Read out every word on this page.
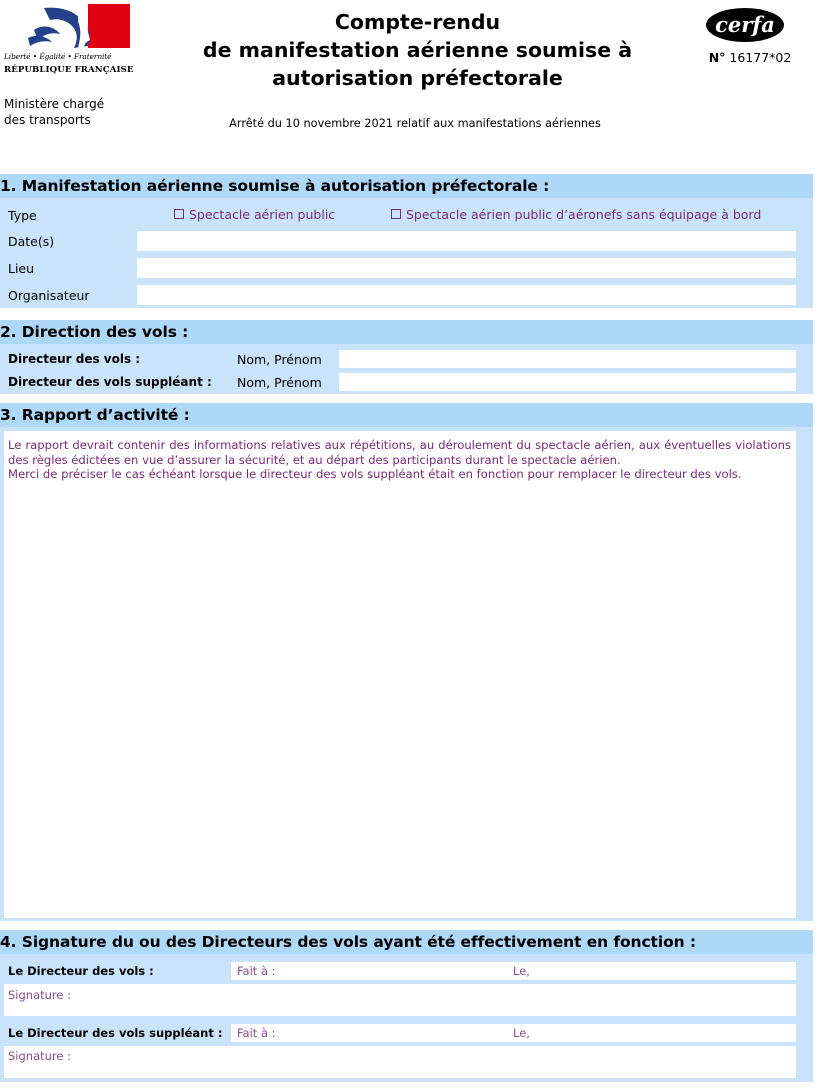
Liberté • Égalité • Fraternité
RÉPUBLIQUE FRANÇAISE
Ministère chargé
des transports
Compte-rendu
de manifestation aérienne soumise à
autorisation préfectorale
Arrêté du 10 novembre 2021 relatif aux manifestations aériennes
cerfa
N° 16177*02
1. Manifestation aérienne soumise à autorisation préfectorale :
Type	Spectacle aérien public	Spectacle aérien public d’aéronefs sans équipage à bord
Date(s)
Lieu
Organisateur
2. Direction des vols :
Directeur des vols :	Nom, Prénom
Directeur des vols suppléant : Nom, Prénom
3. Rapport d’activité :
Le rapport devrait contenir des informations relatives aux répétitions, au déroulement du spectacle aérien, aux éventuelles violations des règles édictées en vue d’assurer la sécurité, et au départ des participants durant le spectacle aérien.
Merci de préciser le cas échéant lorsque le directeur des vols suppléant était en fonction pour remplacer le directeur des vols.
4. Signature du ou des Directeurs des vols ayant été effectivement en fonction :
Le Directeur des vols :	Fait à :	Le,
Signature :
Le Directeur des vols suppléant : Fait à :	Le,
Signature :
